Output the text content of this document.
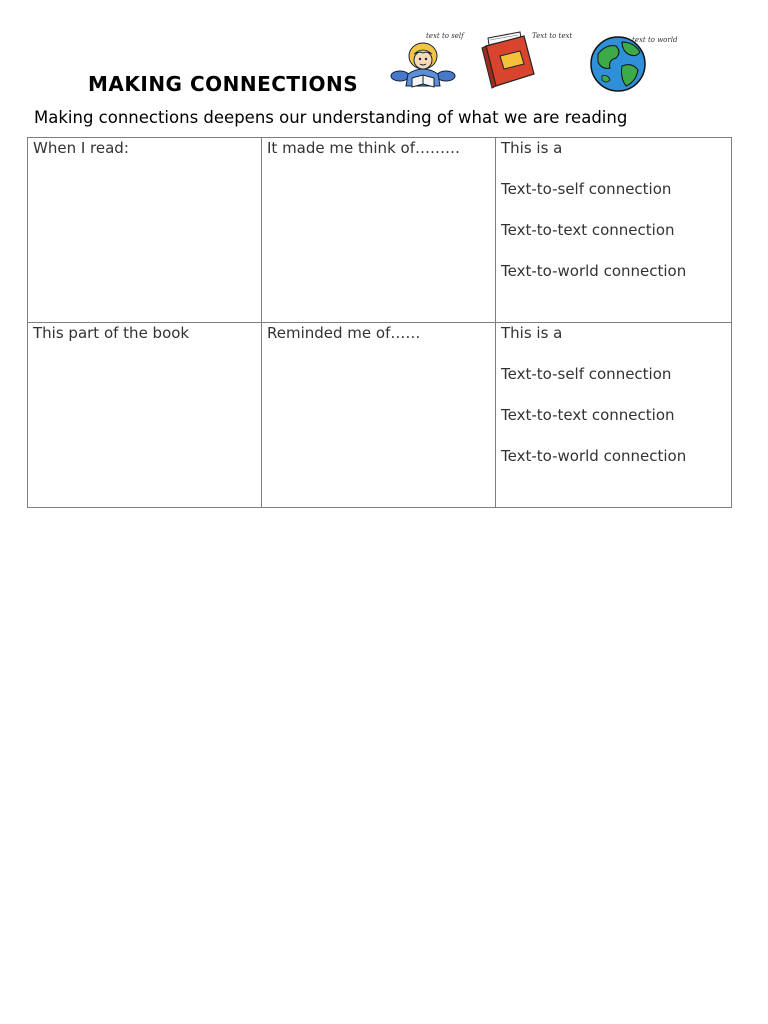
MAKING CONNECTIONS
text to self	Text to text	text to world
Making connections deepens our understanding of what we are reading
When I read:	It made me think of………	This is a
Text-to-self connection
Text-to-text connection
Text-to-world connection

This part of the book	Reminded me of……	This is a
Text-to-self connection
Text-to-text connection
Text-to-world connection
